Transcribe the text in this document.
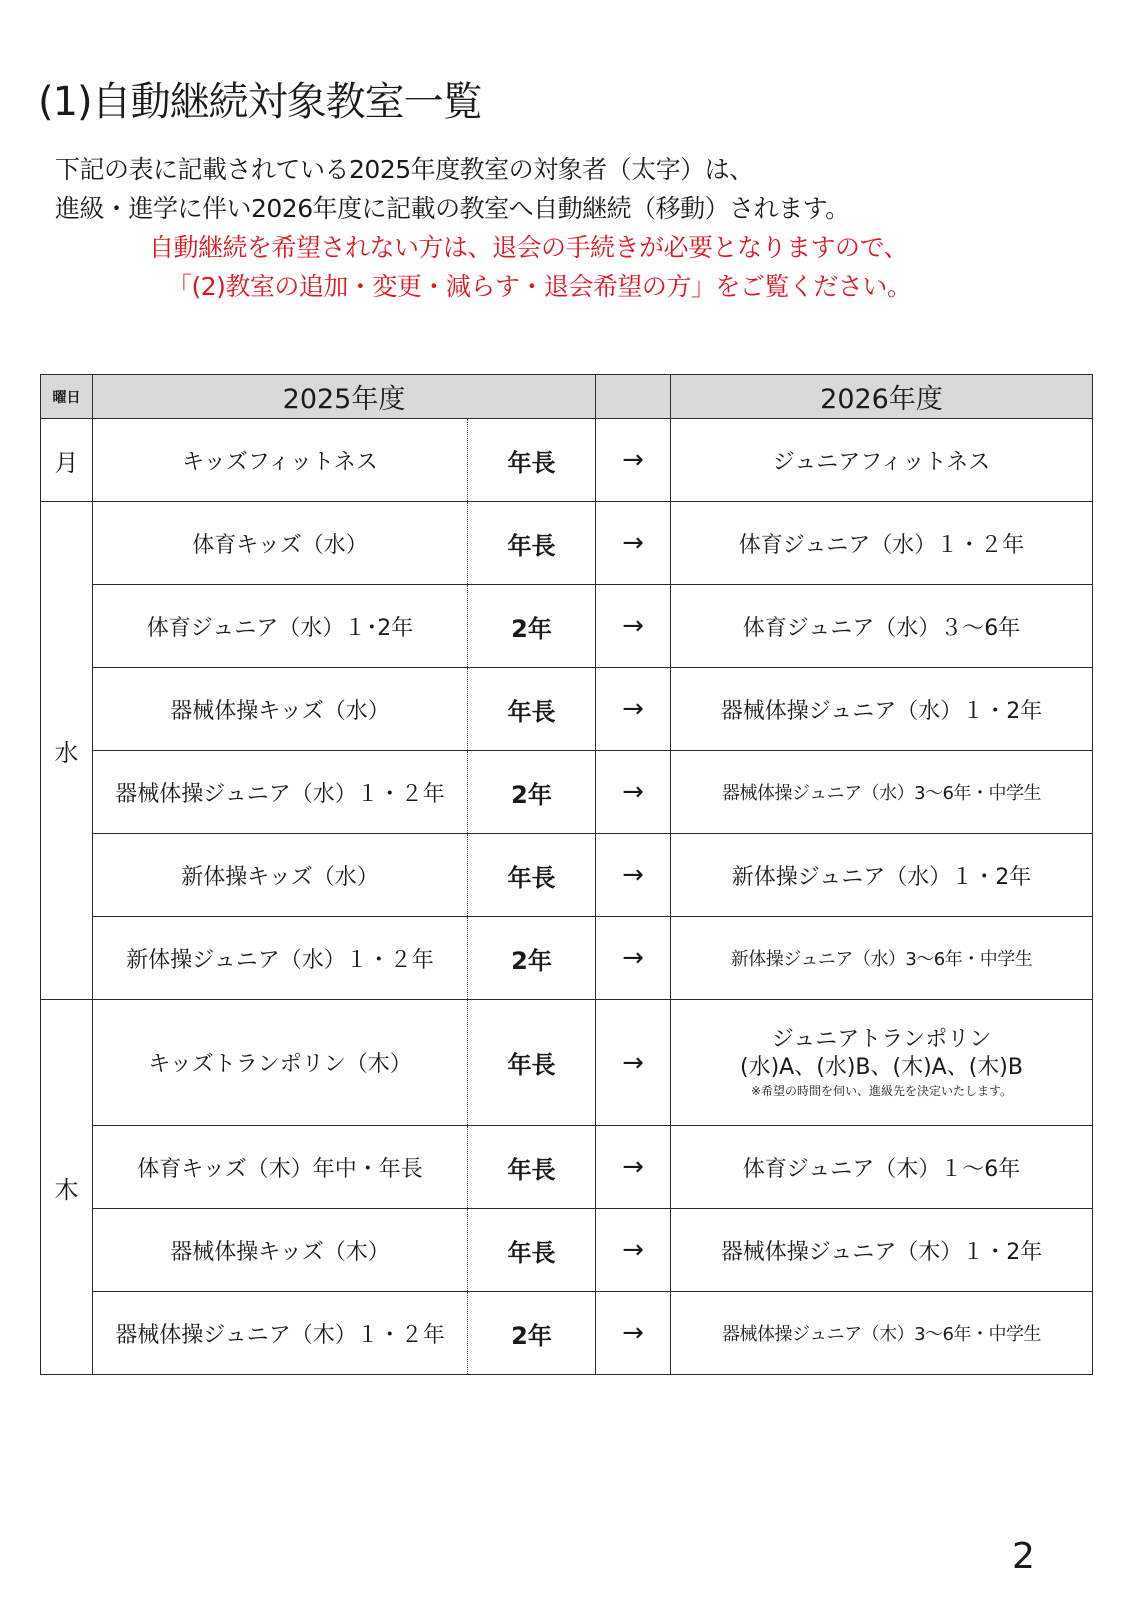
(1)自動継続対象教室一覧
下記の表に記載されている2025年度教室の対象者（太字）は、
進級・進学に伴い2026年度に記載の教室へ自動継続（移動）されます。
自動継続を希望されない方は、退会の手続きが必要となりますので、
「(2)教室の追加・変更・減らす・退会希望の方」をご覧ください。
曜日	2025年度			2026年度
月	キッズフィットネス	年長	→	ジュニアフィットネス
水	体育キッズ（水）	年長	→	体育ジュニア（水）１・２年
	体育ジュニア（水）１･2年	2年	→	体育ジュニア（水）３〜6年
	器械体操キッズ（水）	年長	→	器械体操ジュニア（水）１・2年
	器械体操ジュニア（水）１・２年	2年	→	器械体操ジュニア（水）3〜6年・中学生
	新体操キッズ（水）	年長	→	新体操ジュニア（水）１・2年
	新体操ジュニア（水）１・２年	2年	→	新体操ジュニア（水）3〜6年・中学生
木	キッズトランポリン（木）	年長	→	ジュニアトランポリン
(水)A、(水)B、(木)A、(木)B
※希望の時間を伺い、進級先を決定いたします。

	体育キッズ（木）年中・年長	年長	→	体育ジュニア（木）１〜6年
	器械体操キッズ（木）	年長	→	器械体操ジュニア（木）１・2年
	器械体操ジュニア（木）１・２年	2年	→	器械体操ジュニア（木）3〜6年・中学生
2
